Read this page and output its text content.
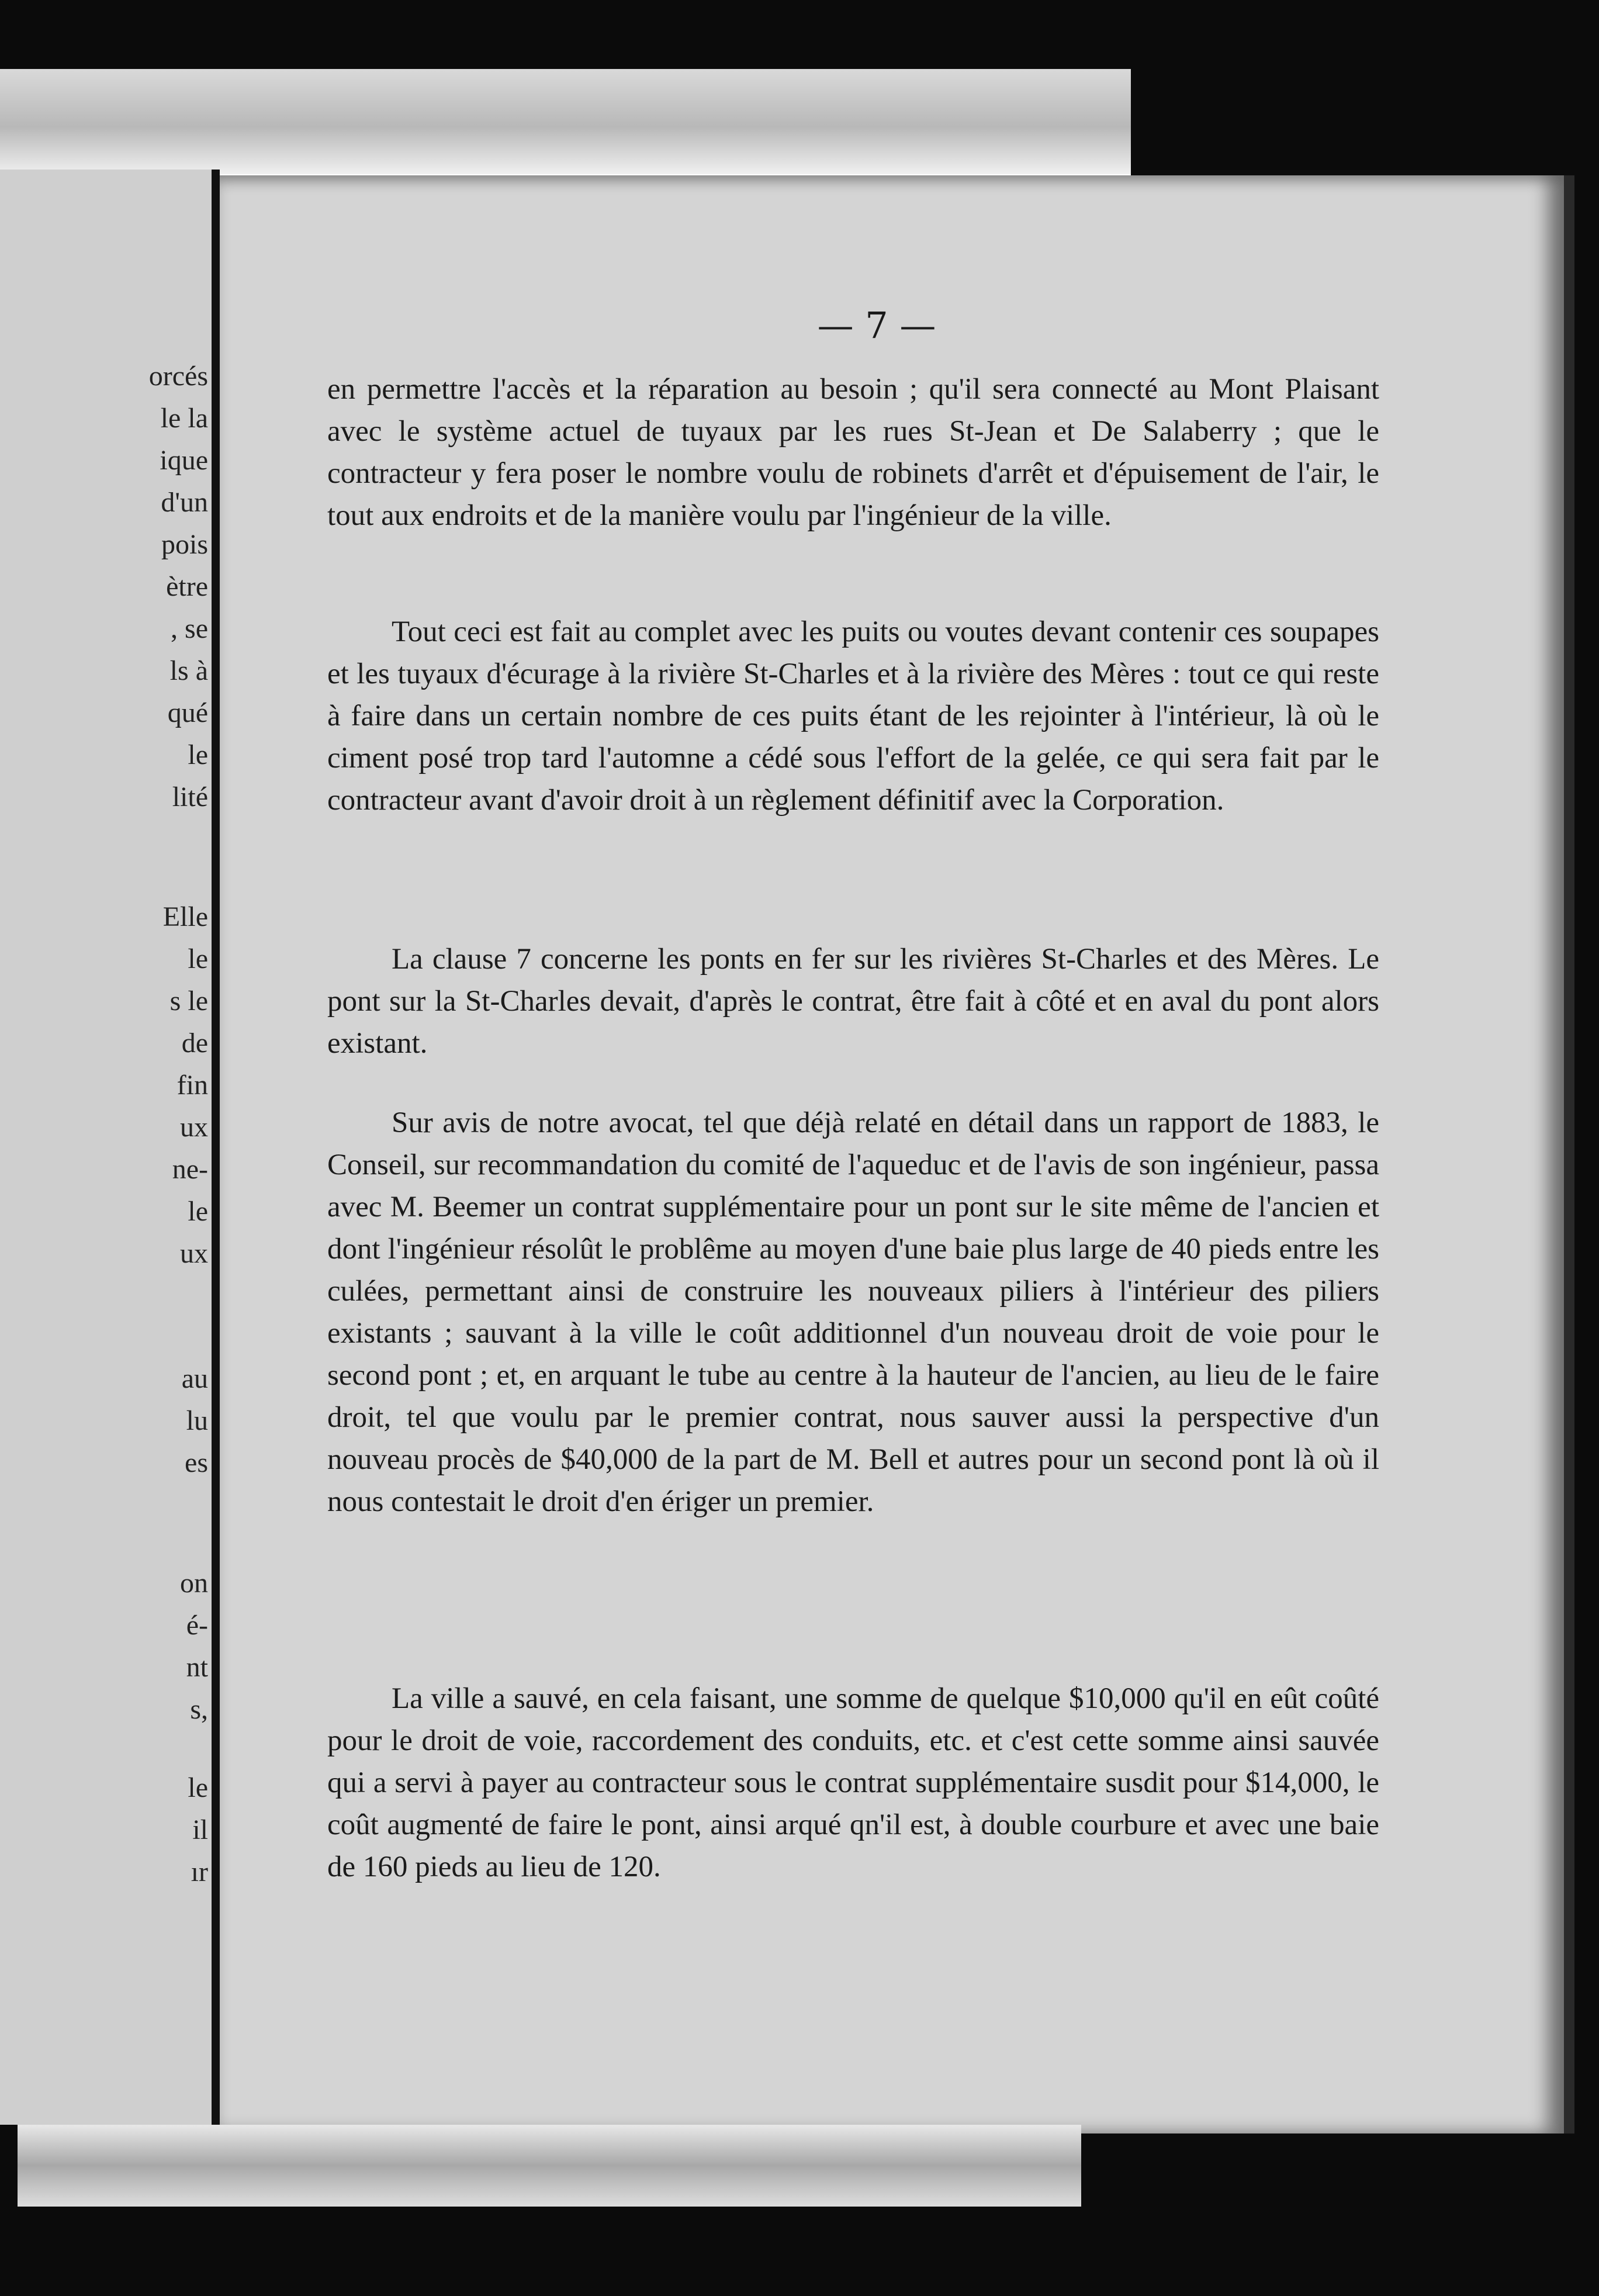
orcés
le la
ique
d'un
pois
ètre
, se
ls à
qué
le
lité
Elle
le
s le
de
fin
ux
ne-
le
ux
au
lu
es
on
é-
nt
s,
le
il
ır
— 7 —
en permettre l'accès et la réparation au besoin ; qu'il sera connecté au Mont Plaisant avec le système actuel de tuyaux par les rues St-Jean et De Salaberry ; que le contracteur y fera poser le nombre voulu de robinets d'arrêt et d'épuisement de l'air, le tout aux endroits et de la manière voulu par l'ingénieur de la ville.
Tout ceci est fait au complet avec les puits ou voutes devant contenir ces soupapes et les tuyaux d'écurage à la rivière St-Charles et à la rivière des Mères : tout ce qui reste à faire dans un certain nombre de ces puits étant de les rejointer à l'intérieur, là où le ciment posé trop tard l'automne a cédé sous l'effort de la gelée, ce qui sera fait par le contracteur avant d'avoir droit à un règlement définitif avec la Corporation.
La clause 7 concerne les ponts en fer sur les rivières St-Charles et des Mères. Le pont sur la St-Charles devait, d'après le contrat, être fait à côté et en aval du pont alors existant.
Sur avis de notre avocat, tel que déjà relaté en détail dans un rapport de 1883, le Conseil, sur recommandation du comité de l'aqueduc et de l'avis de son ingénieur, passa avec M. Beemer un contrat supplémentaire pour un pont sur le site même de l'ancien et dont l'ingénieur résolût le problême au moyen d'une baie plus large de 40 pieds entre les culées, permettant ainsi de construire les nouveaux piliers à l'intérieur des piliers existants ; sauvant à la ville le coût additionnel d'un nouveau droit de voie pour le second pont ; et, en arquant le tube au centre à la hauteur de l'ancien, au lieu de le faire droit, tel que voulu par le premier contrat, nous sauver aussi la perspective d'un nouveau procès de $40,000 de la part de M. Bell et autres pour un second pont là où il nous contestait le droit d'en ériger un premier.
La ville a sauvé, en cela faisant, une somme de quelque $10,000 qu'il en eût coûté pour le droit de voie, raccordement des conduits, etc. et c'est cette somme ainsi sauvée qui a servi à payer au contracteur sous le contrat supplémentaire susdit pour $14,000, le coût augmenté de faire le pont, ainsi arqué qn'il est, à double courbure et avec une baie de 160 pieds au lieu de 120.
